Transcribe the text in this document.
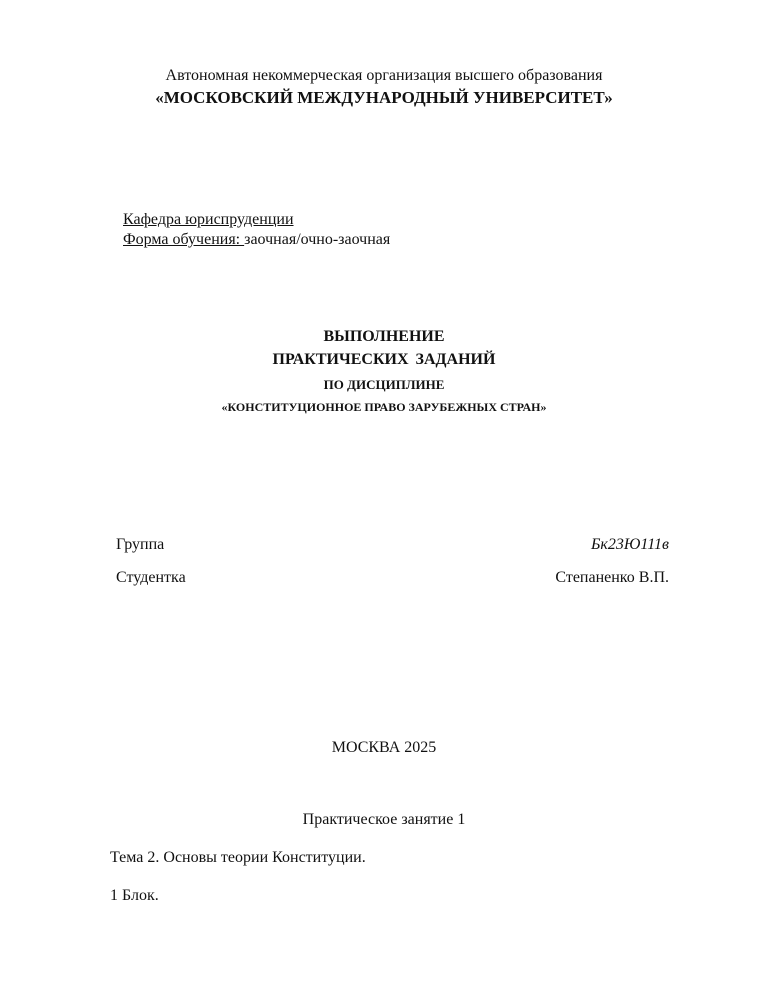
Автономная некоммерческая организация высшего образования
«МОСКОВСКИЙ МЕЖДУНАРОДНЫЙ УНИВЕРСИТЕТ»
Кафедра юриспруденции
Форма обучения: заочная/очно-заочная
ВЫПОЛНЕНИЕ
ПРАКТИЧЕСКИХ ЗАДАНИЙ
ПО ДИСЦИПЛИНЕ
«КОНСТИТУЦИОННОЕ ПРАВО ЗАРУБЕЖНЫХ СТРАН»
Группа	Бк23Ю111в
Студентка	Степаненко В.П.
МОСКВА 2025
Практическое занятие 1
Тема 2. Основы теории Конституции.
1 Блок.
